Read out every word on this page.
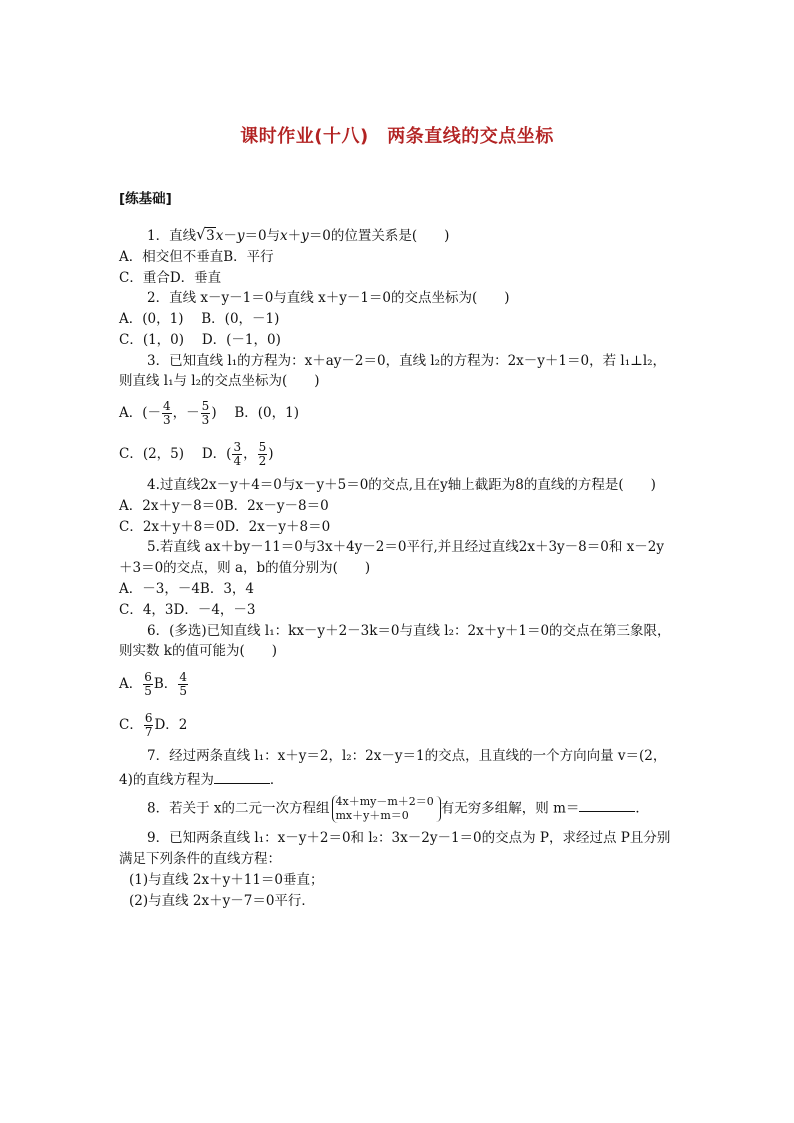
课时作业(十八)　两条直线的交点坐标
[练基础]
1．直线 √ 3x－y＝0与x＋y＝0的位置关系是(　　)
A．相交但不垂直B．平行
C．重合D．垂直
2．直线 x－y－1＝0与直线 x＋y－1＝0的交点坐标为(　　)
A．(0，1)　 B．(0，－1)
C．(1，0)　 D．(－1，0)
3．已知直线 l₁的方程为：x＋ay－2＝0，直线 l₂的方程为：2x－y＋1＝0，若 l₁⊥l₂，
则直线 l₁与 l₂的交点坐标为(　　)
A．(－ $\frac{4}{3}$ ，－ $\frac{5}{3}$ )　 B．(0，1)
C．(2，5)　 D．( $\frac{3}{4}$ ， $\frac{5}{2}$ )
4.过直线2x－y＋4＝0与x－y＋5＝0的交点,且在y轴上截距为8的直线的方程是(　　)
A．2x＋y－8＝0B．2x－y－8＝0
C．2x＋y＋8＝0D．2x－y＋8＝0
5.若直线 ax＋by－11＝0与3x＋4y－2＝0平行,并且经过直线2x＋3y－8＝0和 x－2y
＋3＝0的交点，则 a，b的值分别为(　　)
A．－3，－4B．3，4
C．4，3D．－4，－3
6．(多选)已知直线 l₁：kx－y＋2－3k＝0与直线 l₂：2x＋y＋1＝0的交点在第三象限，
则实数 k的值可能为(　　)
A． $\frac{6}{5}$ B． $\frac{4}{5}$
C． $\frac{6}{7}$ D．2
7．经过两条直线 l₁：x＋y＝2，l₂：2x－y＝1的交点，且直线的一个方向向量 v＝(2，
4)的直线方程为	．
8．若关于 x的二元一次方程组 4x＋my－m＋2＝0
mx＋y＋m＝0	有无穷多组解，则 m＝	．
9．已知两条直线 l₁：x－y＋2＝0和 l₂：3x－2y－1＝0的交点为 P，求经过点 P且分别
满足下列条件的直线方程：
(1)与直线 2x＋y＋11＝0垂直；
(2)与直线 2x＋y－7＝0平行．
